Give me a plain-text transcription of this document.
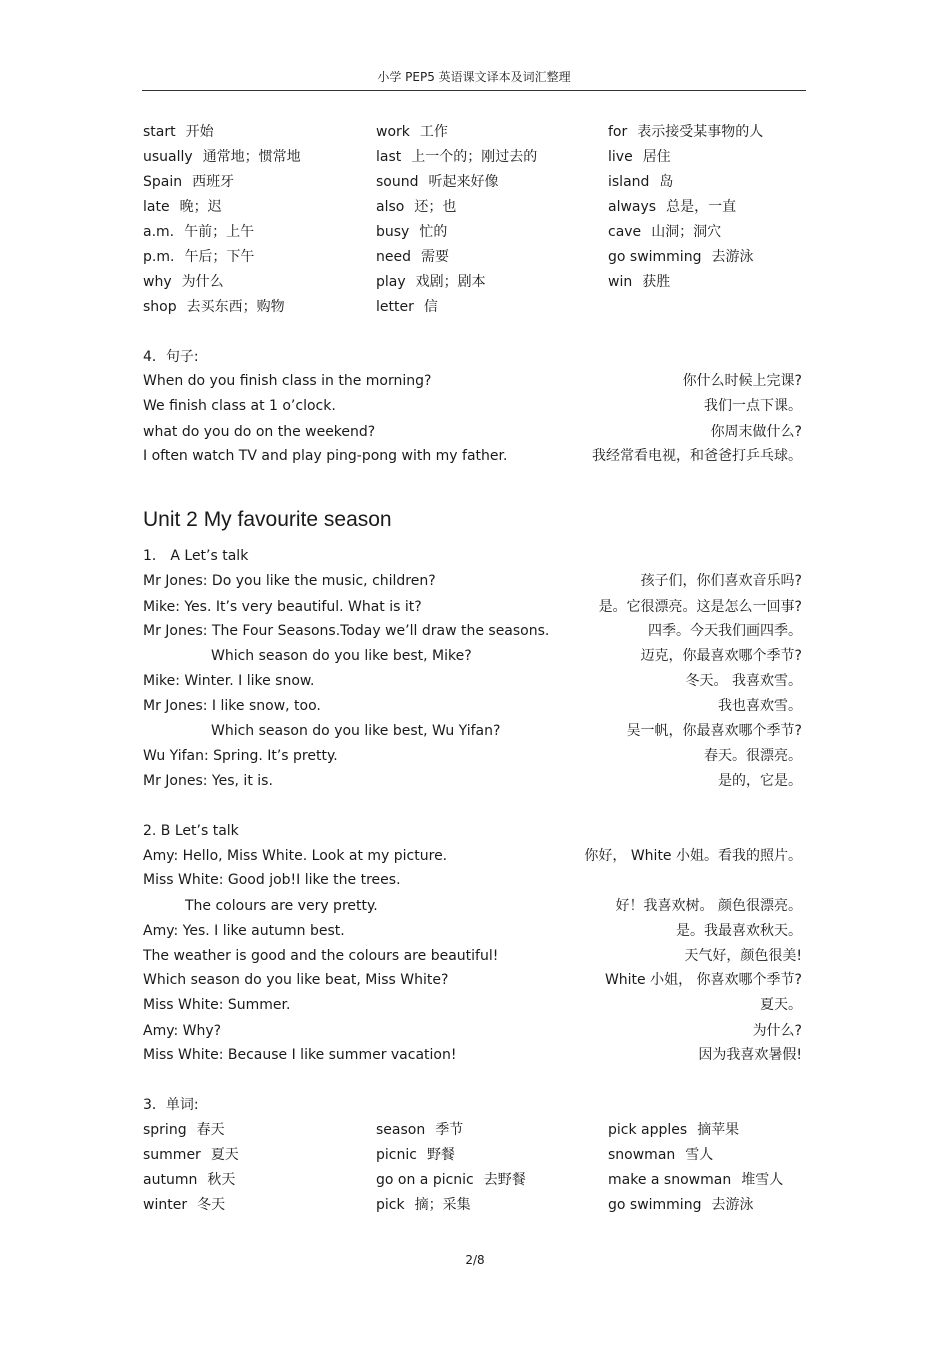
小学 PEP5 英语课文译本及词汇整理
start 开始	work 工作	for 表示接受某事物的人
usually 通常地；惯常地	last 上一个的；刚过去的	live 居住
Spain 西班牙	sound 听起来好像	island 岛
late 晚；迟	also 还；也	always 总是，一直
a.m. 午前；上午	busy 忙的	cave 山洞；洞穴
p.m. 午后；下午	need 需要	go swimming 去游泳
why 为什么	play 戏剧；剧本	win 获胜
shop 去买东西；购物	letter 信
4．句子:
When do you finish class in the morning?	你什么时候上完课?
We finish class at 1 o’clock.	我们一点下课。
what do you do on the weekend?	你周末做什么?
I often watch TV and play ping-pong with my father.	我经常看电视，和爸爸打乒乓球。
Unit 2 My favourite season
1． A Let’s talk
Mr Jones: Do you like the music, children?	孩子们，你们喜欢音乐吗?
Mike: Yes. It’s very beautiful. What is it?	是。它很漂亮。这是怎么一回事?
Mr Jones: The Four Seasons.Today we’ll draw the seasons.	四季。今天我们画四季。
Which season do you like best, Mike?	迈克，你最喜欢哪个季节?
Mike: Winter. I like snow.	冬天。 我喜欢雪。
Mr Jones: I like snow, too.	我也喜欢雪。
Which season do you like best, Wu Yifan?	吴一帆，你最喜欢哪个季节?
Wu Yifan: Spring. It’s pretty.	春天。很漂亮。
Mr Jones: Yes, it is.	是的，它是。
2. B Let’s talk
Amy: Hello, Miss White. Look at my picture.	你好， White 小姐。看我的照片。
Miss White: Good job!I like the trees.
The colours are very pretty.	好！我喜欢树。 颜色很漂亮。
Amy: Yes. I like autumn best.	是。我最喜欢秋天。
The weather is good and the colours are beautiful!	天气好，颜色很美!
Which season do you like beat, Miss White?	White 小姐， 你喜欢哪个季节?
Miss White: Summer.	夏天。
Amy: Why?	为什么?
Miss White: Because I like summer vacation!	因为我喜欢暑假!
3．单词:
spring 春天	season 季节	pick apples 摘苹果
summer 夏天	picnic 野餐	snowman 雪人
autumn 秋天	go on a picnic 去野餐	make a snowman 堆雪人
winter 冬天	pick 摘；采集	go swimming 去游泳
2/8
